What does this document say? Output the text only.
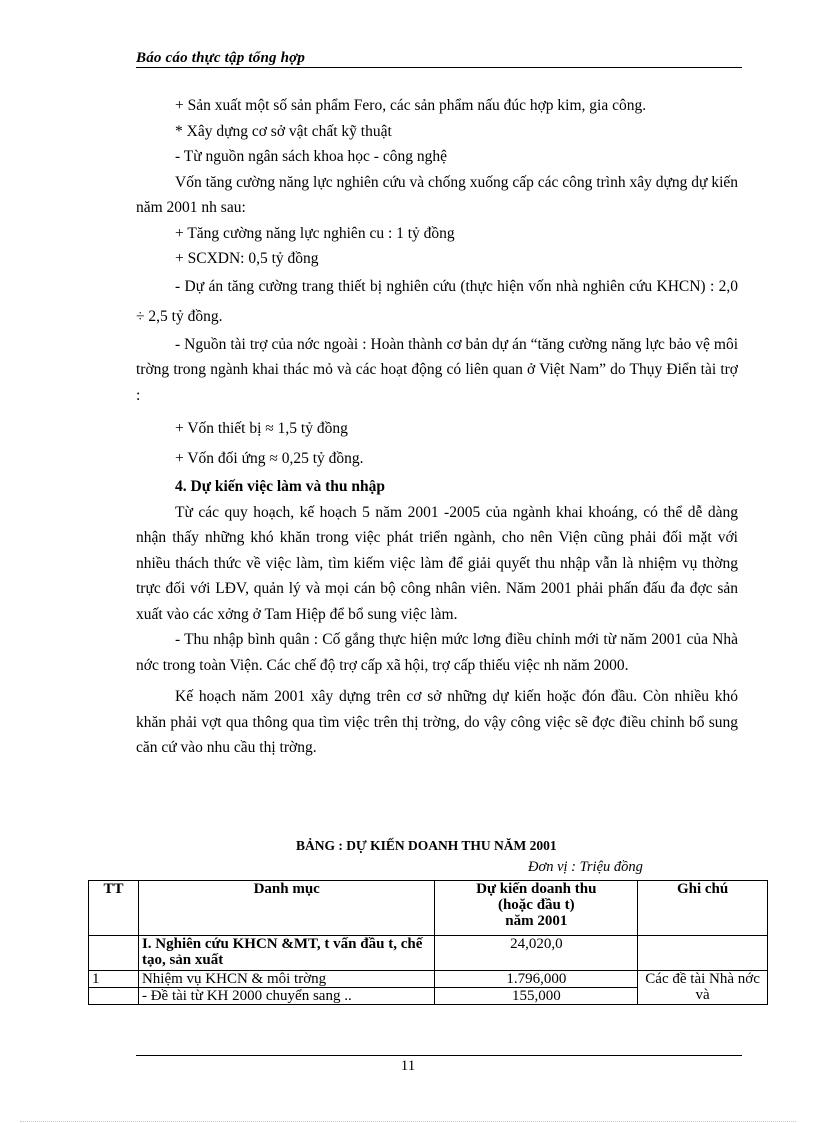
Báo cáo thực tập tổng hợp

+ Sản xuất một số sản phẩm Fero, các sản phẩm nấu đúc hợp kim, gia công.

* Xây dựng cơ sở vật chất kỹ thuật

- Từ nguồn ngân sách khoa học - công nghệ

Vốn tăng cường năng lực nghiên cứu và chống xuống cấp các công trình xây dựng dự kiến năm 2001 nh sau:

+ Tăng cường năng lực nghiên cu : 1 tỷ đồng

+ SCXDN: 0,5 tỷ đồng

- Dự án tăng cường trang thiết bị nghiên cứu (thực hiện vốn nhà nghiên cứu KHCN) : 2,0 ÷ 2,5 tỷ đồng.

- Nguồn tài trợ của nớc ngoài : Hoàn thành cơ bản dự án “tăng cường năng lực bảo vệ môi trờng trong ngành khai thác mỏ và các hoạt động có liên quan ở Việt Nam” do Thụy Điển tài trợ :

+ Vốn thiết bị ≈ 1,5 tỷ đồng

+ Vốn đối ứng ≈ 0,25 tỷ đồng.

4. Dự kiến việc làm và thu nhập

Từ các quy hoạch, kế hoạch 5 năm 2001 -2005 của ngành khai khoáng, có thể dễ dàng nhận thấy những khó khăn trong việc phát triển ngành, cho nên Viện cũng phải đối mặt với nhiều thách thức về việc làm, tìm kiếm việc làm để giải quyết thu nhập vẫn là nhiệm vụ thờng trực đối với LĐV, quản lý và mọi cán bộ công nhân viên. Năm 2001 phải phấn đấu đa đợc sản xuất vào các xởng ở Tam Hiệp để bổ sung việc làm.

- Thu nhập bình quân : Cố gắng thực hiện mức lơng điều chỉnh mới từ năm 2001 của Nhà nớc trong toàn Viện. Các chế độ trợ cấp xã hội, trợ cấp thiếu việc nh năm 2000.

Kế hoạch năm 2001 xây dựng trên cơ sở những dự kiến hoặc đón đầu. Còn nhiều khó khăn phải vợt qua thông qua tìm việc trên thị trờng, do vậy công việc sẽ đợc điều chỉnh bổ sung căn cứ vào nhu cầu thị trờng.

BẢNG : DỰ KIẾN DOANH THU NĂM 2001
Đơn vị : Triệu đồng
TT	Danh mục	Dự kiến doanh thu
(hoặc đầu t)
năm 2001	Ghi chú
	I. Nghiên cứu KHCN &MT, t vấn đầu t, chế tạo, sản xuất	24,020,0	
1	Nhiệm vụ KHCN & môi trờng	1.796,000	Các đề tài Nhà nớc và
	- Đề tài từ KH 2000 chuyển sang ..	155,000	
11
